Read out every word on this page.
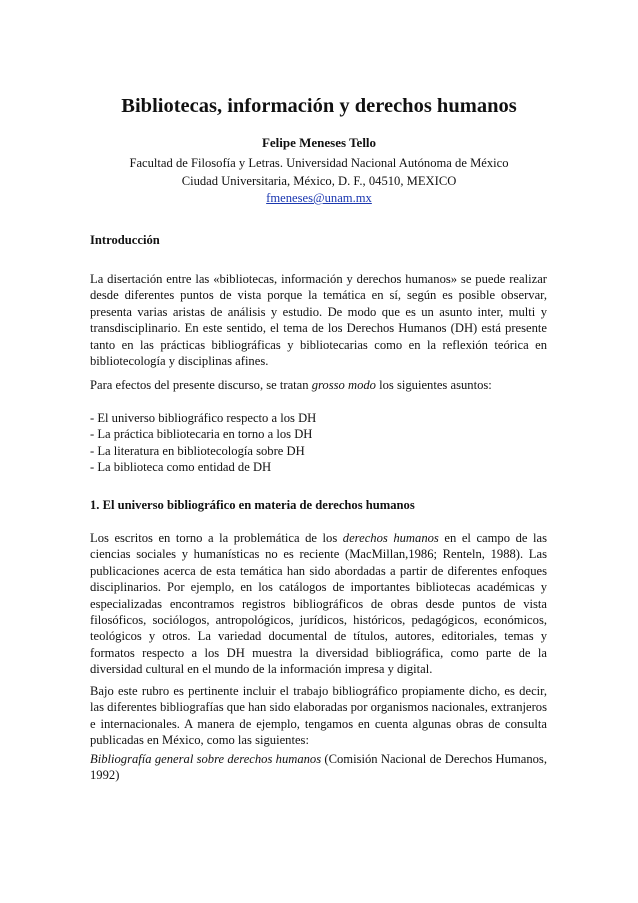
Bibliotecas, información y derechos humanos
Felipe Meneses Tello
Facultad de Filosofía y Letras. Universidad Nacional Autónoma de México
Ciudad Universitaria, México, D. F., 04510, MEXICO
fmeneses@unam.mx
Introducción

La disertación entre las «bibliotecas, información y derechos humanos» se puede realizar desde diferentes puntos de vista porque la temática en sí, según es posible observar, presenta varias aristas de análisis y estudio. De modo que es un asunto inter, multi y transdisciplinario. En este sentido, el tema de los Derechos Humanos (DH) está presente tanto en las prácticas bibliográficas y bibliotecarias como en la reflexión teórica en bibliotecología y disciplinas afines.

Para efectos del presente discurso, se tratan grosso modo los siguientes asuntos:

- El universo bibliográfico respecto a los DH
- La práctica bibliotecaria en torno a los DH
- La literatura en bibliotecología sobre DH
- La biblioteca como entidad de DH
1. El universo bibliográfico en materia de derechos humanos

Los escritos en torno a la problemática de los derechos humanos en el campo de las ciencias sociales y humanísticas no es reciente (MacMillan,1986; Renteln, 1988). Las publicaciones acerca de esta temática han sido abordadas a partir de diferentes enfoques disciplinarios. Por ejemplo, en los catálogos de importantes bibliotecas académicas y especializadas encontramos registros bibliográficos de obras desde puntos de vista filosóficos, sociólogos, antropológicos, jurídicos, históricos, pedagógicos, económicos, teológicos y otros. La variedad documental de títulos, autores, editoriales, temas y formatos respecto a los DH muestra la diversidad bibliográfica, como parte de la diversidad cultural en el mundo de la información impresa y digital.

Bajo este rubro es pertinente incluir el trabajo bibliográfico propiamente dicho, es decir, las diferentes bibliografías que han sido elaboradas por organismos nacionales, extranjeros e internacionales. A manera de ejemplo, tengamos en cuenta algunas obras de consulta publicadas en México, como las siguientes:

Bibliografía general sobre derechos humanos (Comisión Nacional de Derechos Humanos, 1992)
